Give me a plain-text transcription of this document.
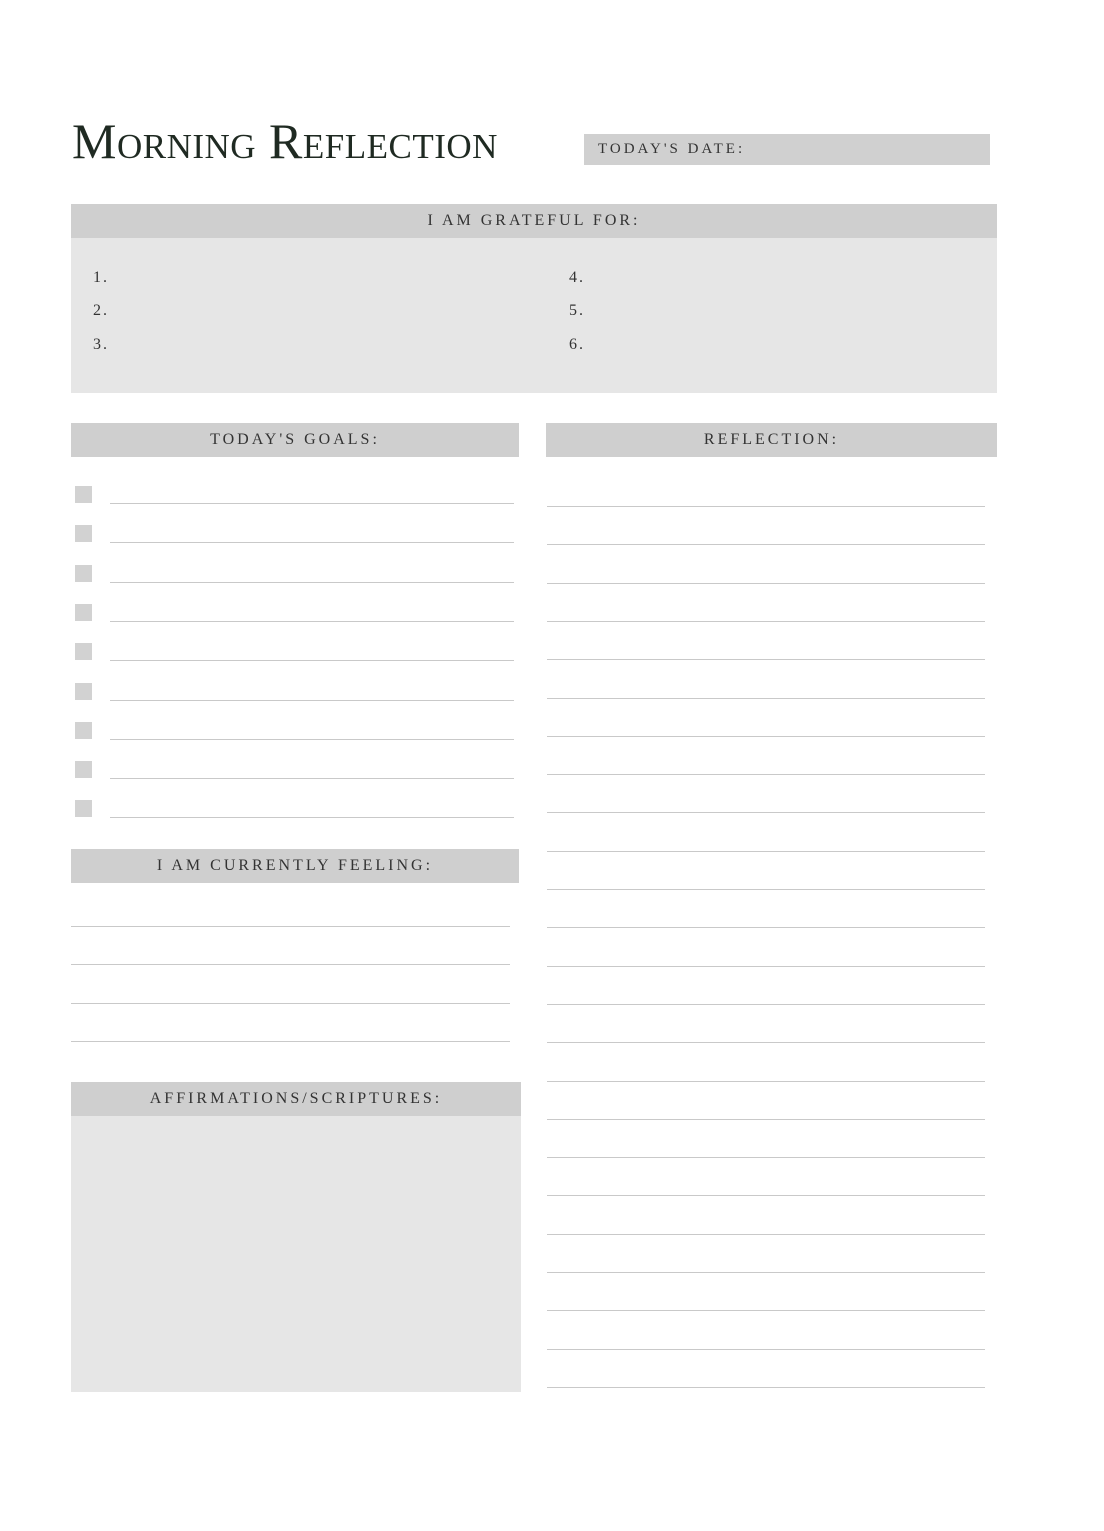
Morning Reflection	TODAY'S DATE:
I AM GRATEFUL FOR:
1.
2.
3.
4.
5.
6.
TODAY'S GOALS:	REFLECTION:
I AM CURRENTLY FEELING:
AFFIRMATIONS/SCRIPTURES:
